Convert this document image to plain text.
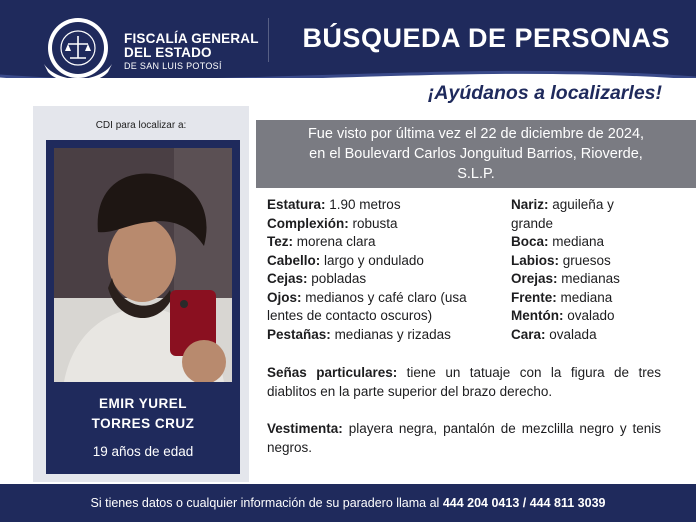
FISCALÍA GENERAL
DEL ESTADO
DE SAN LUIS POTOSÍ
BÚSQUEDA DE PERSONAS
¡Ayúdanos a localizarles!
CDI para localizar a:
EMIR YUREL
TORRES CRUZ
19 años de edad
Fue visto por última vez el 22 de diciembre de 2024,
en el Boulevard Carlos Jonguitud Barrios, Rioverde,
S.L.P.
Estatura: 1.90 metros
Complexión: robusta
Tez: morena clara
Cabello: largo y ondulado
Cejas: pobladas
Ojos: medianos y café claro (usa
lentes de contacto oscuros)
Pestañas: medianas y rizadas
Nariz: aguileña y
grande
Boca: mediana
Labios: gruesos
Orejas: medianas
Frente: mediana
Mentón: ovalado
Cara: ovalada
Señas particulares: tiene un tatuaje con la figura de tres diablitos en la parte superior del brazo derecho.
Vestimenta: playera negra, pantalón de mezclilla negro y tenis negros.
Si tienes datos o cualquier información de su paradero llama al 444 204 0413 / 444 811 3039
